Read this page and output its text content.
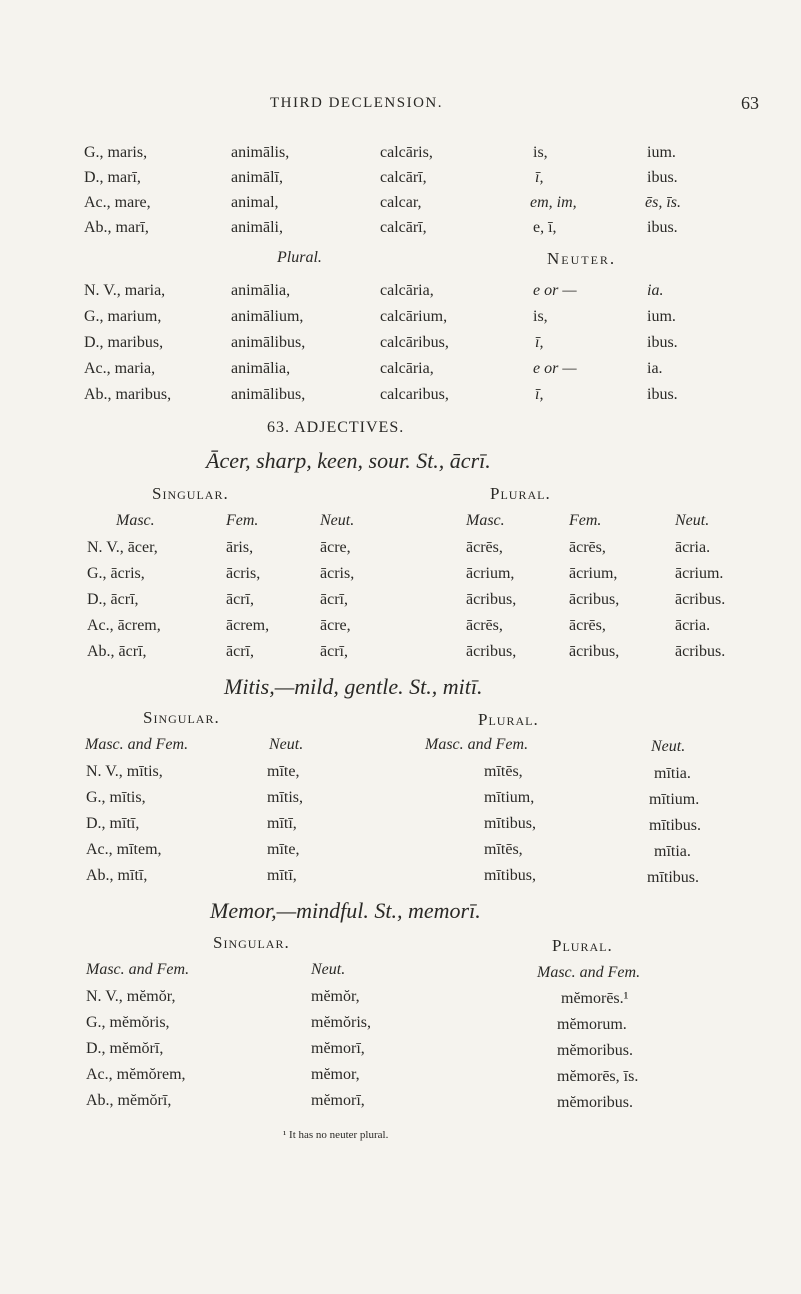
THIRD DECLENSION.	63
G., maris,	animālis,	calcāris,	is,	ium.
D., marī,	animālī,	calcārī,	ī,	ibus.
Ac., mare,	animal,	calcar,	em, im,	ēs, īs.
Ab., marī,	animāli,	calcārī,	e, ī,	ibus.
Plural.	Neuter.
N. V., maria,	animālia,	calcāria,	e or —	ia.
G., marium,	animālium,	calcārium,	is,	ium.
D., maribus,	animālibus,	calcāribus,	ī,	ibus.
Ac., maria,	animālia,	calcāria,	e or —	ia.
Ab., maribus,	animālibus,	calcaribus,	ī,	ibus.
63. ADJECTIVES.
Ācer, sharp, keen, sour. St., ācrī.
Singular.	Plural.
Masc.	Fem.	Neut.	Masc.	Fem.	Neut.
N. V., ācer,	āris,	ācre,	ācrēs,	ācrēs,	ācria.
G., ācris,	ācris,	ācris,	ācrium,	ācrium,	ācrium.
D., ācrī,	ācrī,	ācrī,	ācribus,	ācribus,	ācribus.
Ac., ācrem,	ācrem,	ācre,	ācrēs,	ācrēs,	ācria.
Ab., ācrī,	ācrī,	ācrī,	ācribus,	ācribus,	ācribus.
Mitis,—mild, gentle. St., mitī.
Singular.	Plural.
Masc. and Fem.	Neut.	Masc. and Fem.	Neut.
N. V., mītis,	mīte,	mītēs,	mītia.
G., mītis,	mītis,	mītium,	mītium.
D., mītī,	mītī,	mītibus,	mītibus.
Ac., mītem,	mīte,	mītēs,	mītia.
Ab., mītī,	mītī,	mītibus,	mītibus.
Memor,—mindful. St., memorī.
Singular.	Plural.
Masc. and Fem.	Neut.	Masc. and Fem.
N. V., mĕmŏr,	mĕmŏr,	mĕmorēs.¹
G., mĕmŏris,	mĕmŏris,	mĕmorum.
D., mĕmŏrī,	mĕmorī,	mĕmoribus.
Ac., mĕmŏrem,	mĕmor,	mĕmorēs, īs.
Ab., mĕmŏrī,	mĕmorī,	mĕmoribus.
¹ It has no neuter plural.
